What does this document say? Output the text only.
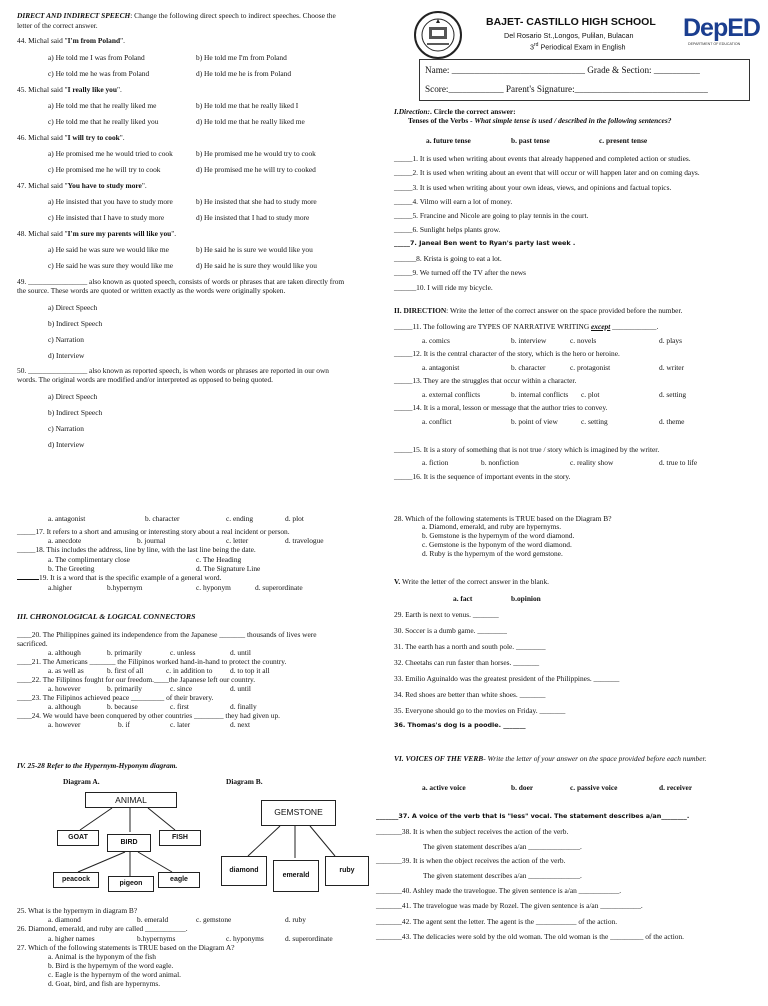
DIRECT AND INDIRECT SPEECH: Change the following direct speech to indirect speeches. Choose the
letter of the correct answer.
44. Michal said "I'm from Poland".
a) He told me I was from Poland	b) He told me I'm from Poland
c) He told me he was from Poland	d) He told me he is from Poland
45. Michal said "I really like you".
a) He told me that he really liked me	b) He told me that he really liked I
c) He told me that he really liked you	d) He told me that he really liked me
46. Michal said "I will try to cook".
a) He promised me he would tried to cook	b) He promised me he would try to cook
c) He promised me he will try to cook	d) He promised me he will try to cooked
47. Michal said "You have to study more".
a) He insisted that you have to study more	b) He insisted that she had to study more
c) He insisted that I have to study more	d) He insisted that I had to study more
48. Michal said "I'm sure my parents will like you".
a) He said he was sure we would like me	b) He said he is sure we would like you
c) He said he was sure they would like me	d) He said he is sure they would like you
49. ________________ also known as quoted speech, consists of words or phrases that are taken directly from
the source. These words are quoted or written exactly as the words were originally spoken.
a) Direct Speech
b) Indirect Speech
c) Narration
d) Interview
50. ________________ also known as reported speech, is when words or phrases are reported in our own
words. The original words are modified and/or interpreted as opposed to being quoted.
a) Direct Speech
b) Indirect Speech
c) Narration
d) Interview
BAJET- CASTILLO HIGH SCHOOL
Del Rosario St.,Longos, Pulilan, Bulacan
3rd Periodical Exam in English
DepED
DEPARTMENT OF EDUCATION
Name: _____________________________ Grade & Section: __________
Score:____________ Parent's Signature:_____________________________
I.Direction:. Circle the correct answer:
Tenses of the Verbs - What simple tense is used / described in the following sentences?
a. future tense	b. past tense	c. present tense
_____1. It is used when writing about events that already happened and completed action or studies.
_____2. It is used when writing about an event that will occur or will happen later and on coming days.
_____3. It is used when writing about your own ideas, views, and opinions and factual topics.
_____4. Vilmo will earn a lot of money.
_____5. Francine and Nicole are going to play tennis in the court.
_____6. Sunlight helps plants grow.
_____7. Janeal Ben went to Ryan's party last week .
______8. Krista is going to eat a lot.
_____9. We turned off the TV after the news
______10. I will ride my bicycle.
II. DIRECTION: Write the letter of the correct answer on the space provided before the number.
_____11. The following are TYPES OF NARRATIVE WRITING except ____________.
a. comics	b. interview	c. novels	d. plays
_____12. It is the central character of the story, which is the hero or heroine.
a. antagonist	b. character	c. protagonist	d. writer
_____13. They are the struggles that occur within a character.
a. external conflicts	b. internal conflicts c. plot	d. setting
_____14. It is a moral, lesson or message that the author tries to convey.
a. conflict	b. point of view	c. setting	d. theme
_____15. It is a story of something that is not true / story which is imagined by the writer.
a. fiction	b. nonfiction	c. reality show	d. true to life
_____16. It is the sequence of important events in the story.
a. antagonist	b. character	c. ending	d. plot
_____17. It refers to a short and amusing or interesting story about a real incident or person.
a. anecdote	b. journal	c. letter	d. travelogue
_____18. This includes the address, line by line, with the last line being the date.
a. The complimentary close	c. The Heading
b. The Greeting	d. The Signature Line
19. It is a word that is the specific example of a general word.
a.higher	b.hypernym	c. hyponym	d. superordinate
III. CHRONOLOGICAL & LOGICAL CONNECTORS
____20. The Philippines gained its independence from the Japanese _______ thousands of lives were
sacrificed.
a. although	b. primarily	c. unless	d. until
____21. The Americans _______ the Filipinos worked hand-in-hand to protect the country.
a. as well as	b. first of all	c. in addition to d. to top it all
____22. The Filipinos fought for our freedom.____the Japanese left our country.
a. however	b. primarily	c. since	d. until
____23. The Filipinos achieved peace _________ of their bravery.
a. although	b. because	c. first	d. finally
____24. We would have been conquered by other countries ________ they had given up.
a. however	b. if	c. later	d. next
IV. 25-28 Refer to the Hypernym-Hyponym diagram.
Diagram A.	Diagram B.
ANIMAL
GOAT
BIRD
FISH
peacock
pigeon
eagle
GEMSTONE
diamond
emerald
ruby
25. What is the hypernym in diagram B?
a. diamond	b. emerald	c. gemstone	d. ruby
26. Diamond, emerald, and ruby are called ___________.
a. higher names	b.hypernyms	c. hyponyms	d. superordinate
27. Which of the following statements is TRUE based on the Diagram A?
a. Animal is the hyponym of the fish
b. Bird is the hypernym of the word eagle.
c. Eagle is the hypernym of the word animal.
d. Goat, bird, and fish are hypernyms.
28. Which of the following statements is TRUE based on the Diagram B?
a. Diamond, emerald, and ruby are hypernyms.
b. Gemstone is the hypernym of the word diamond.
c. Gemstone is the hyponym of the word diamond.
d. Ruby is the hypernym of the word gemstone.
V. Write the letter of the correct answer in the blank.
a. fact	b.opinion
29. Earth is next to venus. _______
30. Soccer is a dumb game. ________
31. The earth has a north and south pole. ________
32. Cheetahs can run faster than horses. _______
33. Emilio Aguinaldo was the greatest president of the Philippines. _______
34. Red shoes are better than white shoes. _______
35. Everyone should go to the movies on Friday. _______
36. Thomas's dog is a poodle. _______
VI. VOICES OF THE VERB- Write the letter of your answer on the space provided before each number.
a. active voice	b. doer	c. passive voice	d. receiver
_______37. A voice of the verb that is "less" vocal. The statement describes a/an________.
_______38. It is when the subject receives the action of the verb.
The given statement describes a/an ______________.
_______39. It is when the object receives the action of the verb.
The given statement describes a/an ______________.
_______40. Ashley made the travelogue. The given sentence is a/an ___________.
_______41. The travelogue was made by Rozel. The given sentence is a/an ___________.
_______42. The agent sent the letter. The agent is the ___________ of the action.
_______43. The delicacies were sold by the old woman. The old woman is the _________ of the action.
